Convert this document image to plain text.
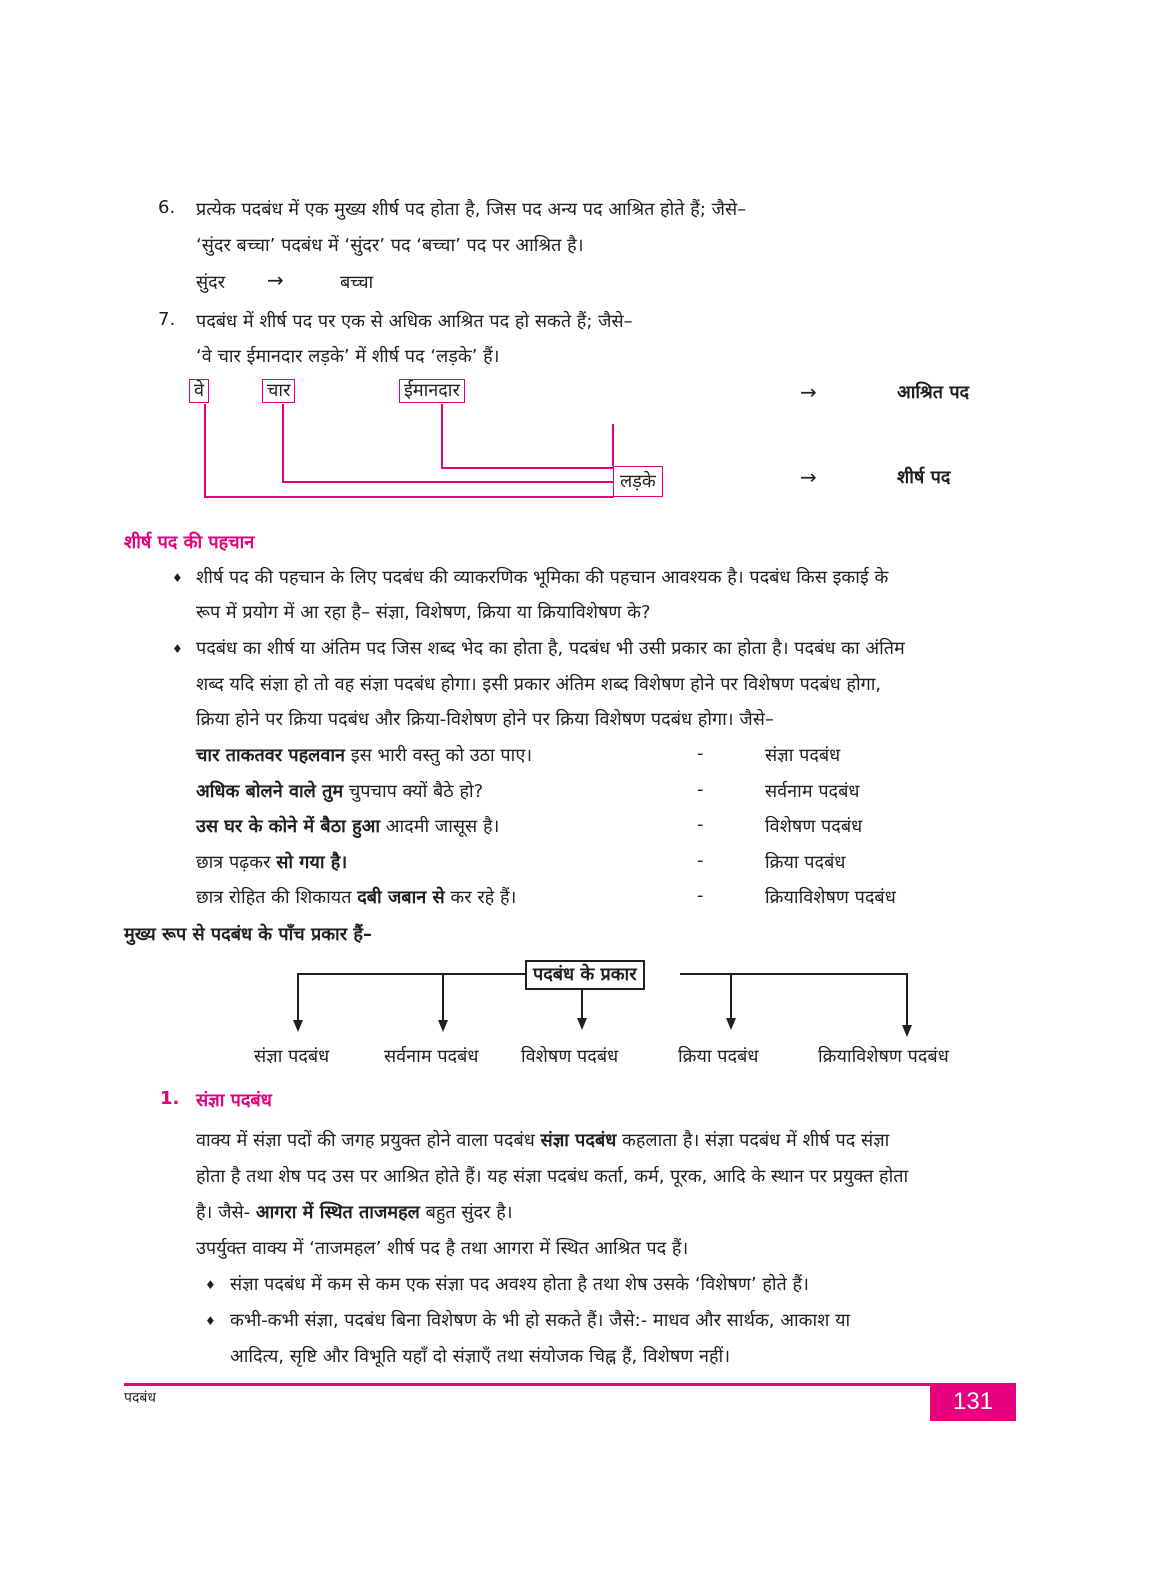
6. प्रत्येक पदबंध में एक मुख्य शीर्ष पद होता है, जिस पद अन्य पद आश्रित होते हैं; जैसे–
‘सुंदर बच्चा’ पदबंध में ‘सुंदर’ पद ‘बच्चा’ पद पर आश्रित है।
सुंदर →	बच्चा
7. पदबंध में शीर्ष पद पर एक से अधिक आश्रित पद हो सकते हैं; जैसे–
‘वे चार ईमानदार लड़के’ में शीर्ष पद ‘लड़के’ हैं।
वे	चार	ईमानदार
लड़के
→	आश्रित पद
→	शीर्ष पद
शीर्ष पद की पहचान
♦ शीर्ष पद की पहचान के लिए पदबंध की व्याकरणिक भूमिका की पहचान आवश्यक है। पदबंध किस इकाई के
रूप में प्रयोग में आ रहा है– संज्ञा, विशेषण, क्रिया या क्रियाविशेषण के?
♦ पदबंध का शीर्ष या अंतिम पद जिस शब्द भेद का होता है, पदबंध भी उसी प्रकार का होता है। पदबंध का अंतिम
शब्द यदि संज्ञा हो तो वह संज्ञा पदबंध होगा। इसी प्रकार अंतिम शब्द विशेषण होने पर विशेषण पदबंध होगा,
क्रिया होने पर क्रिया पदबंध और क्रिया-विशेषण होने पर क्रिया विशेषण पदबंध होगा। जैसे–
चार ताकतवर पहलवान इस भारी वस्तु को उठा पाए।	-	संज्ञा पदबंध
अधिक बोलने वाले तुम चुपचाप क्यों बैठे हो?	-	सर्वनाम पदबंध
उस घर के कोने में बैठा हुआ आदमी जासूस है।	-	विशेषण पदबंध
छात्र पढ़कर सो गया है।	-	क्रिया पदबंध
छात्र रोहित की शिकायत दबी जबान से कर रहे हैं।	-	क्रियाविशेषण पदबंध
मुख्य रूप से पदबंध के पाँच प्रकार हैं–
पदबंध के प्रकार
संज्ञा पदबंध	सर्वनाम पदबंध विशेषण पदबंध	क्रिया पदबंध	क्रियाविशेषण पदबंध
1. संज्ञा पदबंध
वाक्य में संज्ञा पदों की जगह प्रयुक्त होने वाला पदबंध संज्ञा पदबंध कहलाता है। संज्ञा पदबंध में शीर्ष पद संज्ञा
होता है तथा शेष पद उस पर आश्रित होते हैं। यह संज्ञा पदबंध कर्ता, कर्म, पूरक, आदि के स्थान पर प्रयुक्त होता
है। जैसे- आगरा में स्थित ताजमहल बहुत सुंदर है।
उपर्युक्त वाक्य में ‘ताजमहल’ शीर्ष पद है तथा आगरा में स्थित आश्रित पद हैं।
♦ संज्ञा पदबंध में कम से कम एक संज्ञा पद अवश्य होता है तथा शेष उसके ‘विशेषण’ होते हैं।
♦ कभी-कभी संज्ञा, पदबंध बिना विशेषण के भी हो सकते हैं। जैसे:- माधव और सार्थक, आकाश या
आदित्य, सृष्टि और विभूति यहाँ दो संज्ञाएँ तथा संयोजक चिह्न हैं, विशेषण नहीं।
पदबंध	131
